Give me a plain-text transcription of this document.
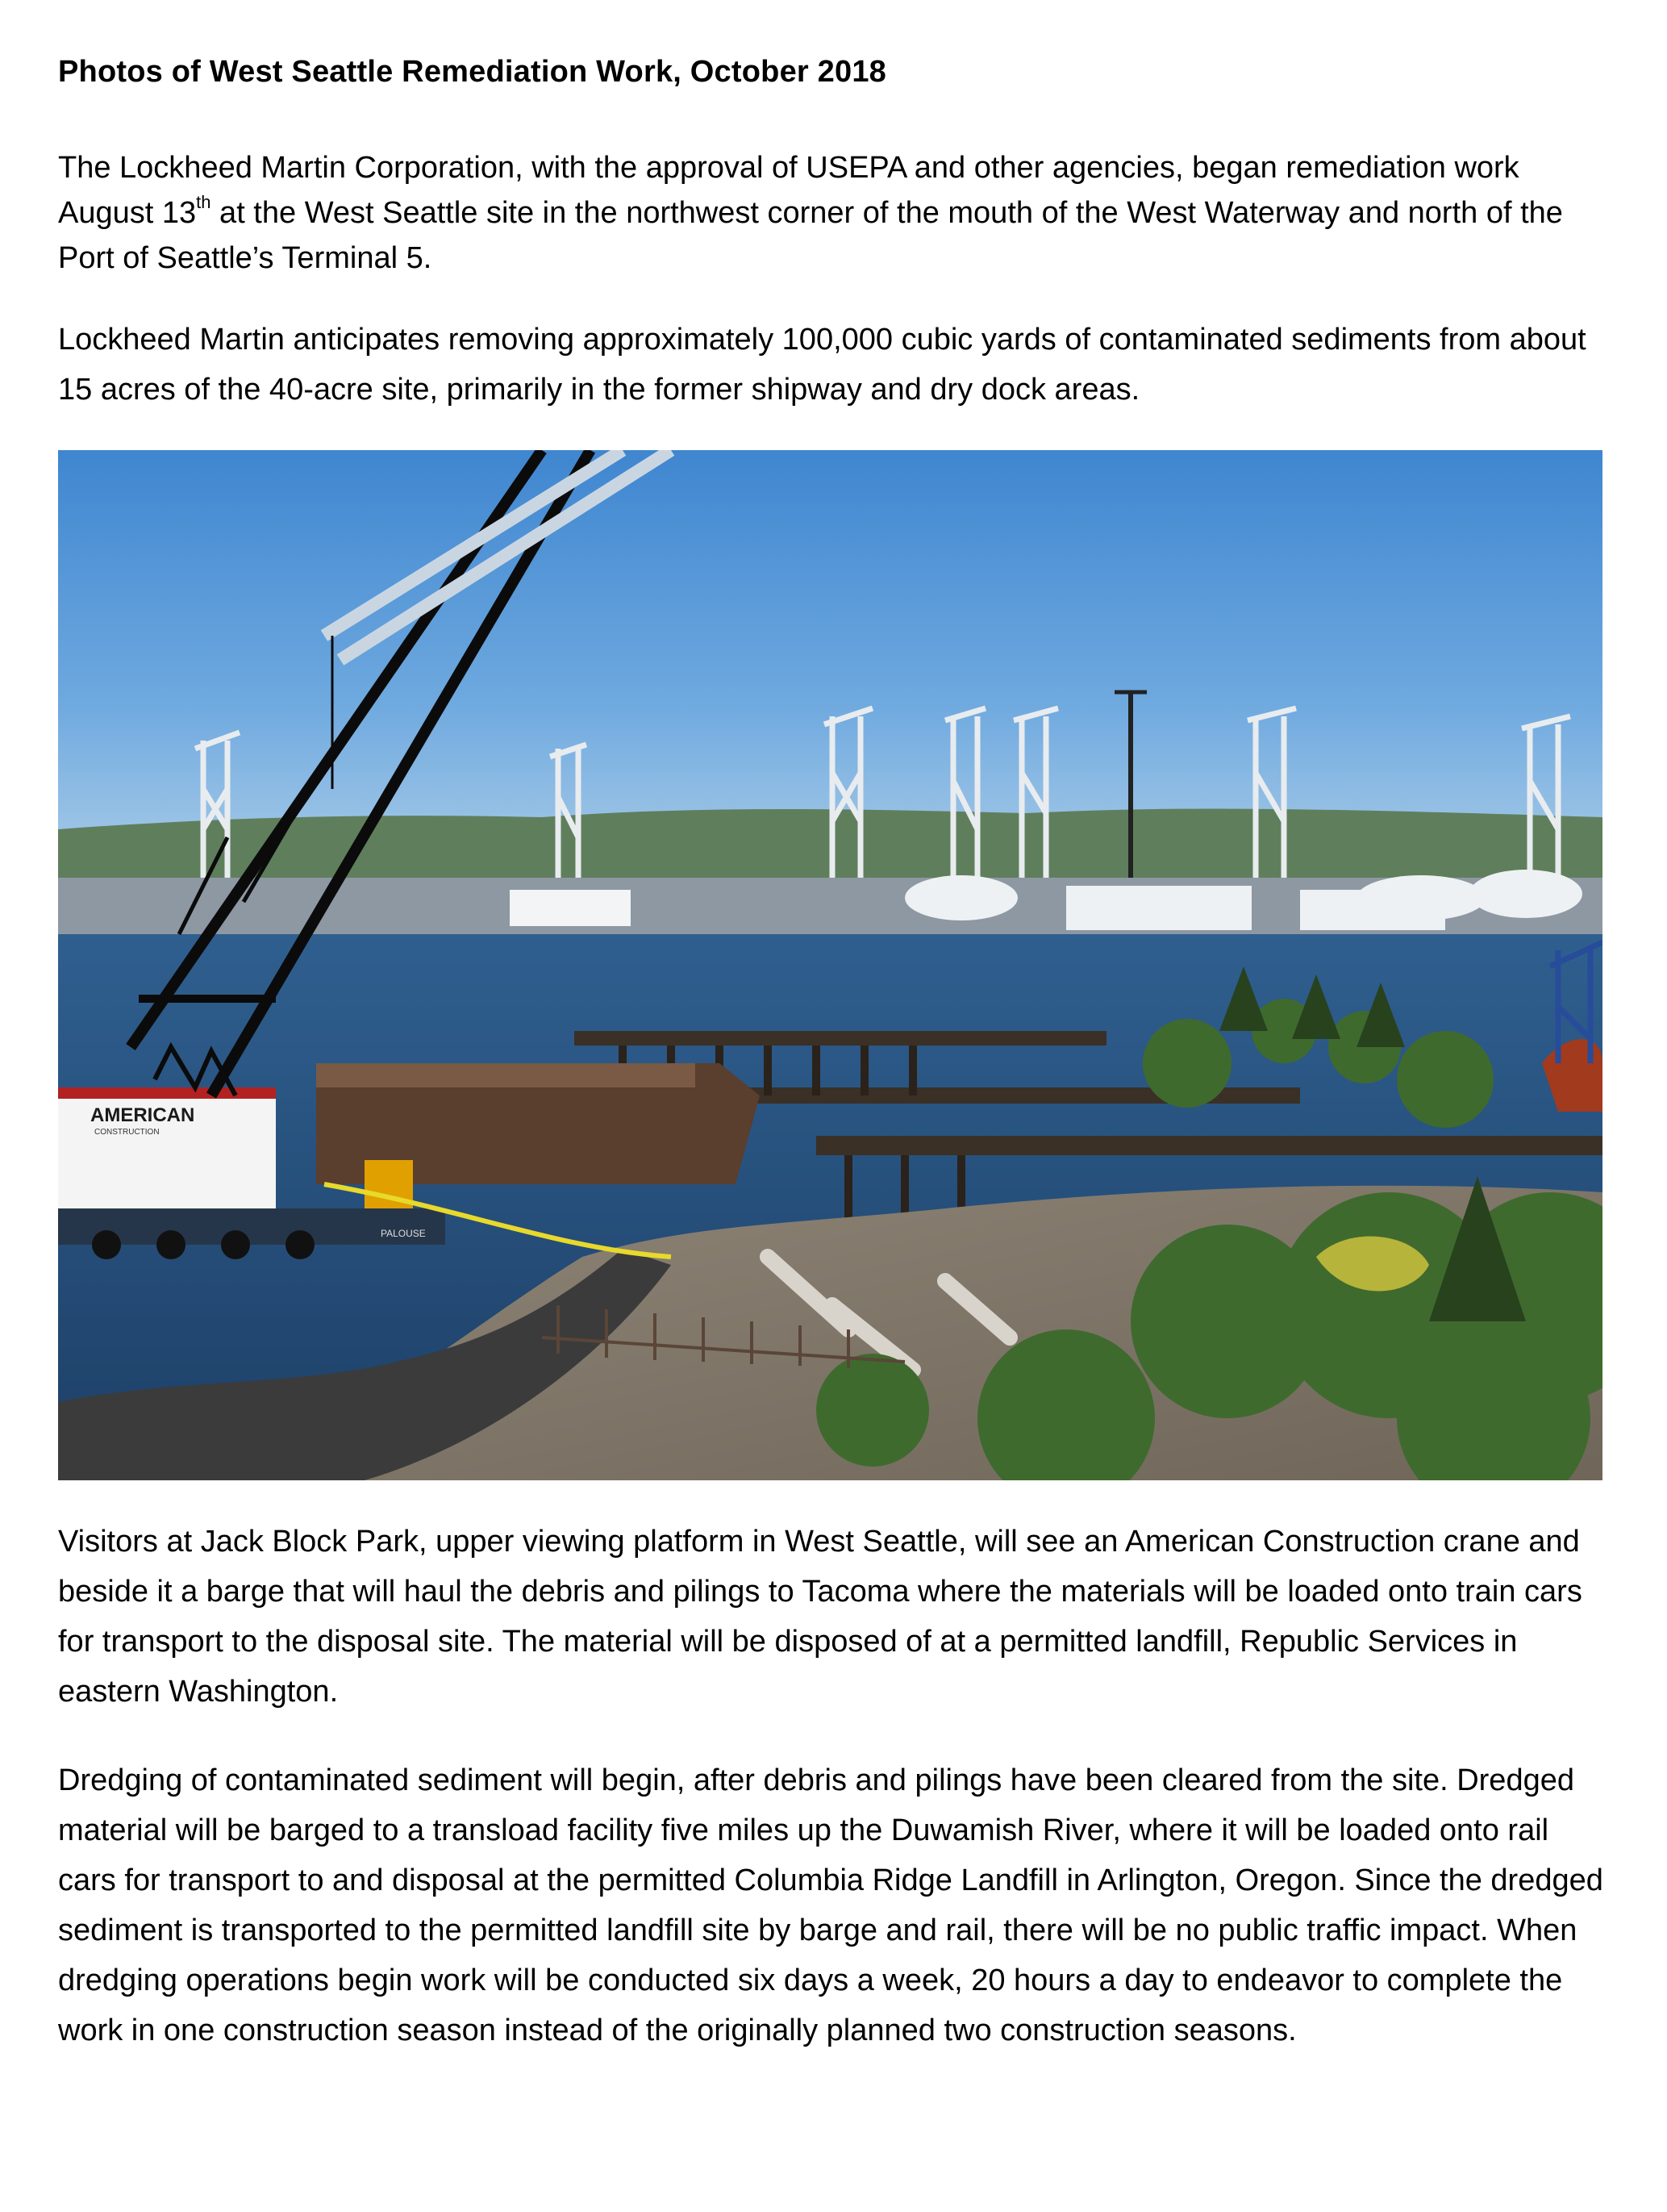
Photos of West Seattle Remediation Work, October 2018

The Lockheed Martin Corporation, with the approval of USEPA and other agencies, began remediation work August 13th at the West Seattle site in the northwest corner of the mouth of the West Waterway and north of the Port of Seattle’s Terminal 5.

Lockheed Martin anticipates removing approximately 100,000 cubic yards of contaminated sediments from about 15 acres of the 40-acre site, primarily in the former shipway and dry dock areas.

PALOUSE
AMERICAN
CONSTRUCTION

Visitors at Jack Block Park, upper viewing platform in West Seattle, will see an American Construction crane and beside it a barge that will haul the debris and pilings to Tacoma where the materials will be loaded onto train cars for transport to the disposal site. The material will be disposed of at a permitted landfill, Republic Services in eastern Washington.

Dredging of contaminated sediment will begin, after debris and pilings have been cleared from the site. Dredged material will be barged to a transload facility five miles up the Duwamish River, where it will be loaded onto rail cars for transport to and disposal at the permitted Columbia Ridge Landfill in Arlington, Oregon. Since the dredged sediment is transported to the permitted landfill site by barge and rail, there will be no public traffic impact. When dredging operations begin work will be conducted six days a week, 20 hours a day to endeavor to complete the work in one construction season instead of the originally planned two construction seasons.
